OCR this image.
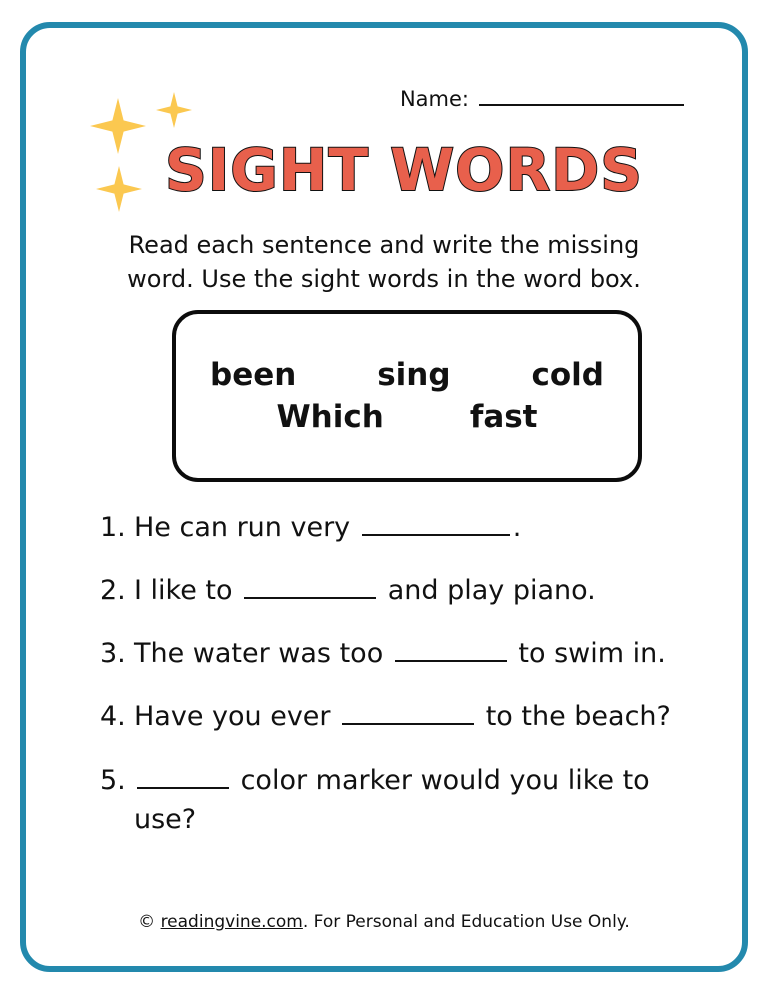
Name:
SIGHT WORDS
Read each sentence and write the missing word. Use the sight words in the word box.
been	sing	cold
Which	fast
1. He can run very	.
2. I like to	and play piano.
3. The water was too	to swim in.
4. Have you ever	to the beach?
5.	color marker would you like to use?
© readingvine.com. For Personal and Education Use Only.
